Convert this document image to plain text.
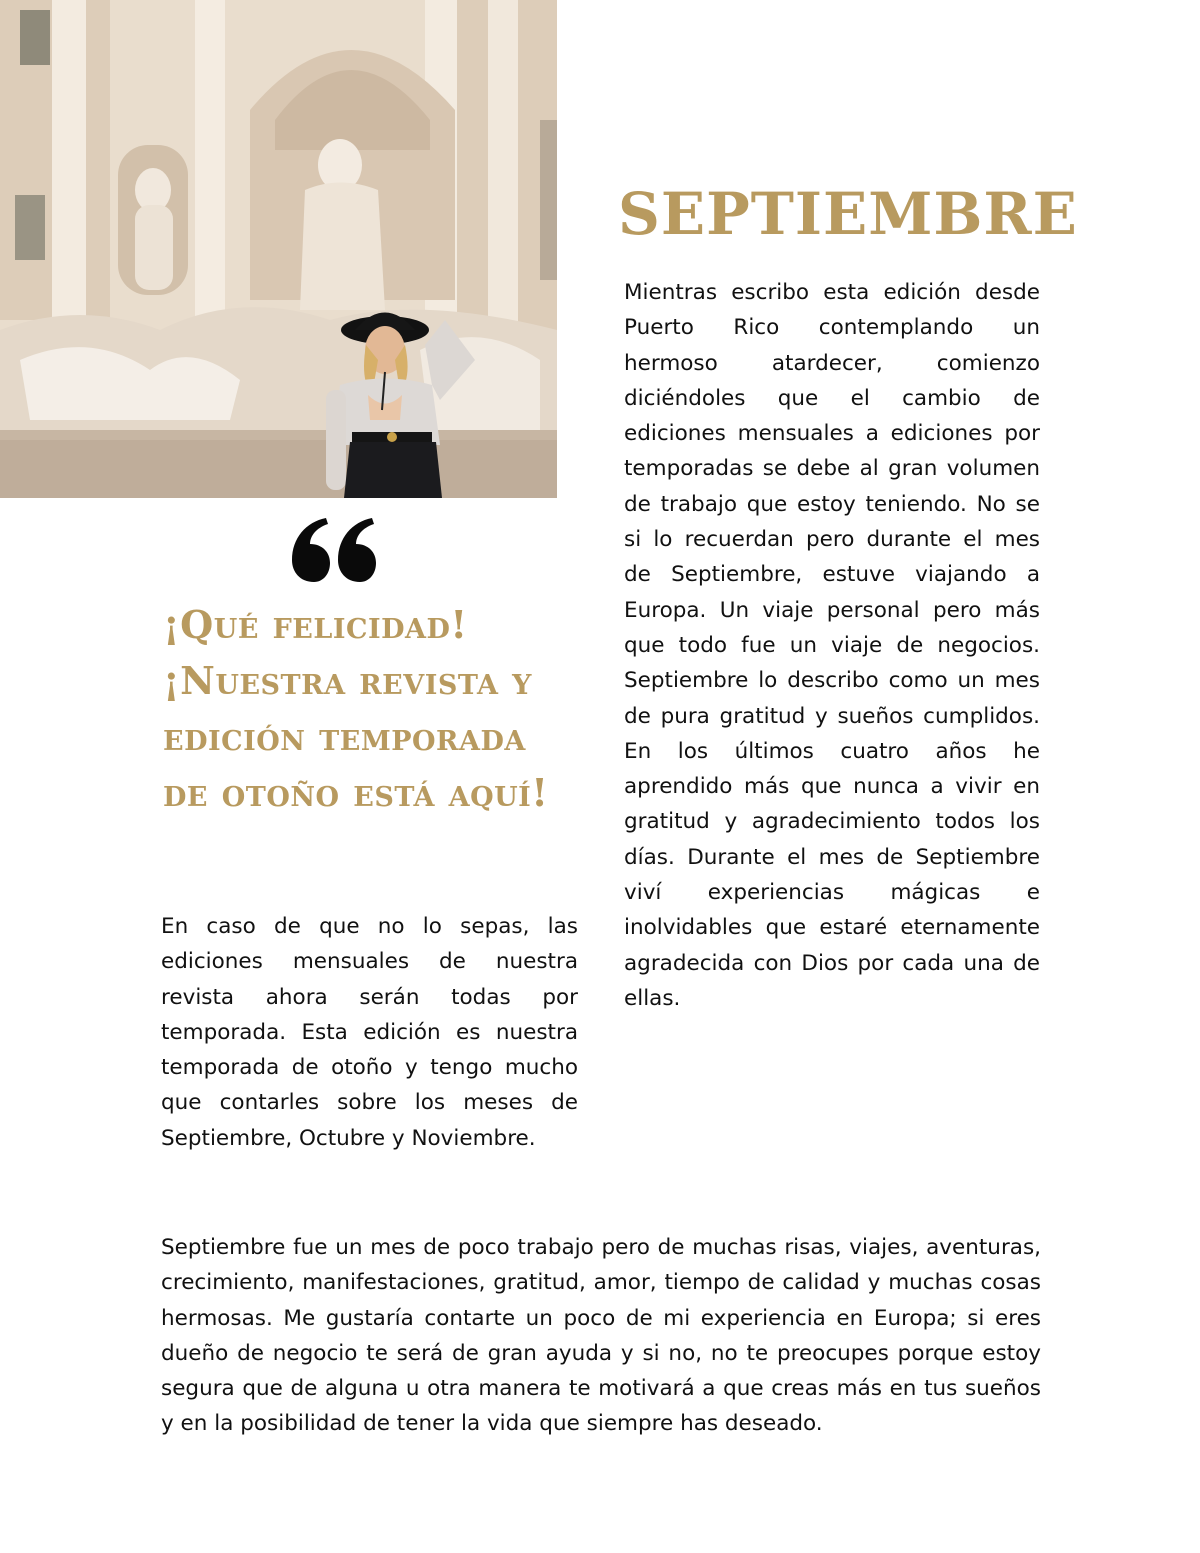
SEPTIEMBRE

Mientras escribo esta edición desde Puerto Rico contemplando un hermoso atardecer, comienzo diciéndoles que el cambio de ediciones mensuales a ediciones por temporadas se debe al gran volumen de trabajo que estoy teniendo. No se si lo recuerdan pero durante el mes de Septiembre, estuve viajando a Europa. Un viaje personal pero más que todo fue un viaje de negocios. Septiembre lo describo como un mes de pura gratitud y sueños cumplidos. En los últimos cuatro años he aprendido más que nunca a vivir en gratitud y agradecimiento todos los días. Durante el mes de Septiembre viví experiencias mágicas e inolvidables que estaré eternamente agradecida con Dios por cada una de ellas.

¡Qué felicidad! ¡Nuestra revista y edición temporada de otoño está aquí!

En caso de que no lo sepas, las ediciones mensuales de nuestra revista ahora serán todas por temporada. Esta edición es nuestra temporada de otoño y tengo mucho que contarles sobre los meses de Septiembre, Octubre y Noviembre.

Septiembre fue un mes de poco trabajo pero de muchas risas, viajes, aventuras, crecimiento, manifestaciones, gratitud, amor, tiempo de calidad y muchas cosas hermosas. Me gustaría contarte un poco de mi experiencia en Europa; si eres dueño de negocio te será de gran ayuda y si no, no te preocupes porque estoy segura que de alguna u otra manera te motivará a que creas más en tus sueños y en la posibilidad de tener la vida que siempre has deseado.
